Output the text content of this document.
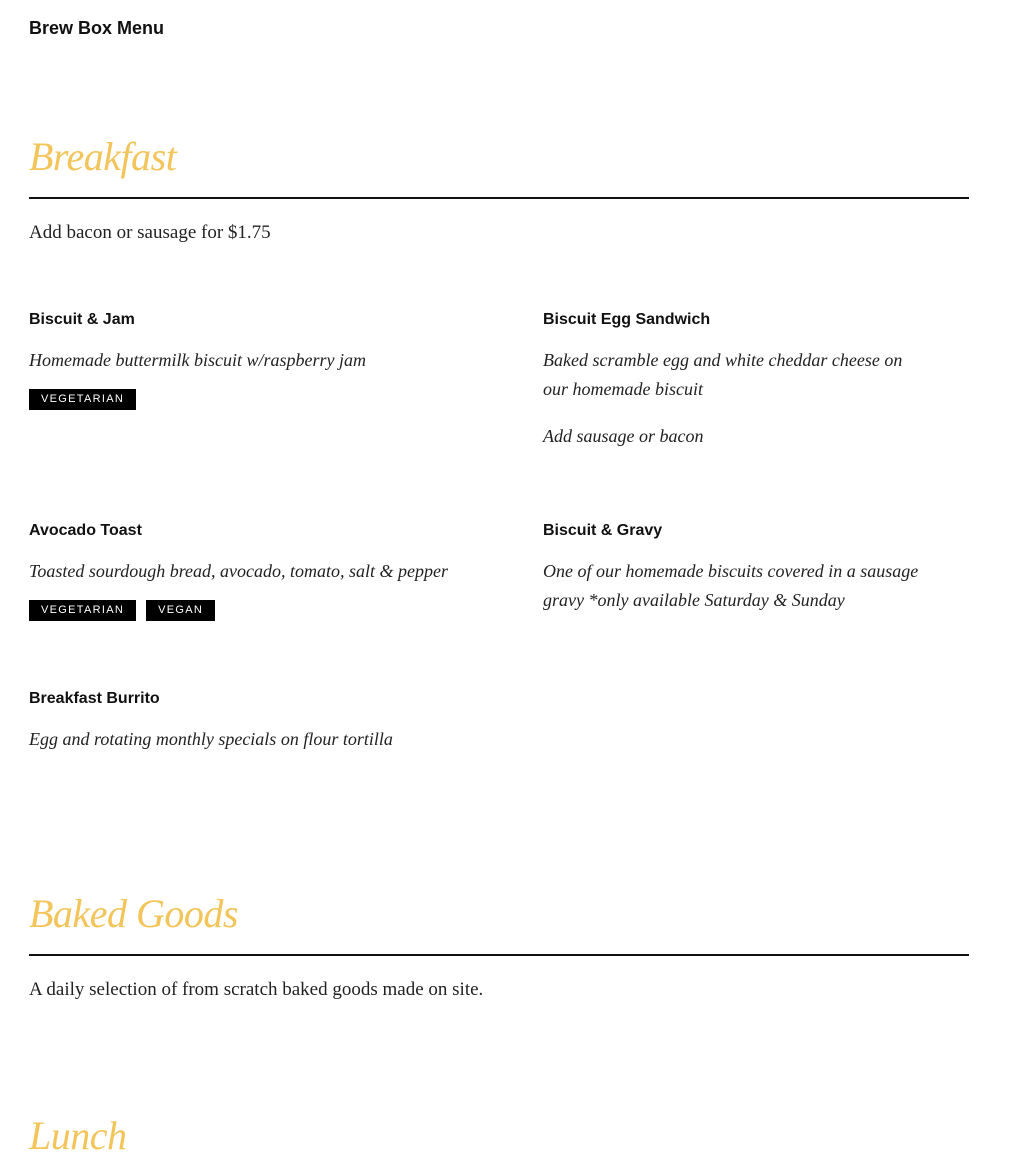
Brew Box Menu
Breakfast
Add bacon or sausage for $1.75
Biscuit & Jam
Homemade buttermilk biscuit w/raspberry jam
VEGETARIAN
Biscuit Egg Sandwich
Baked scramble egg and white cheddar cheese on our homemade biscuit
Add sausage or bacon
Avocado Toast
Toasted sourdough bread, avocado, tomato, salt & pepper
VEGETARIAN	VEGAN
Biscuit & Gravy
One of our homemade biscuits covered in a sausage gravy *only available Saturday & Sunday
Breakfast Burrito
Egg and rotating monthly specials on flour tortilla
Baked Goods
A daily selection of from scratch baked goods made on site.
Lunch
